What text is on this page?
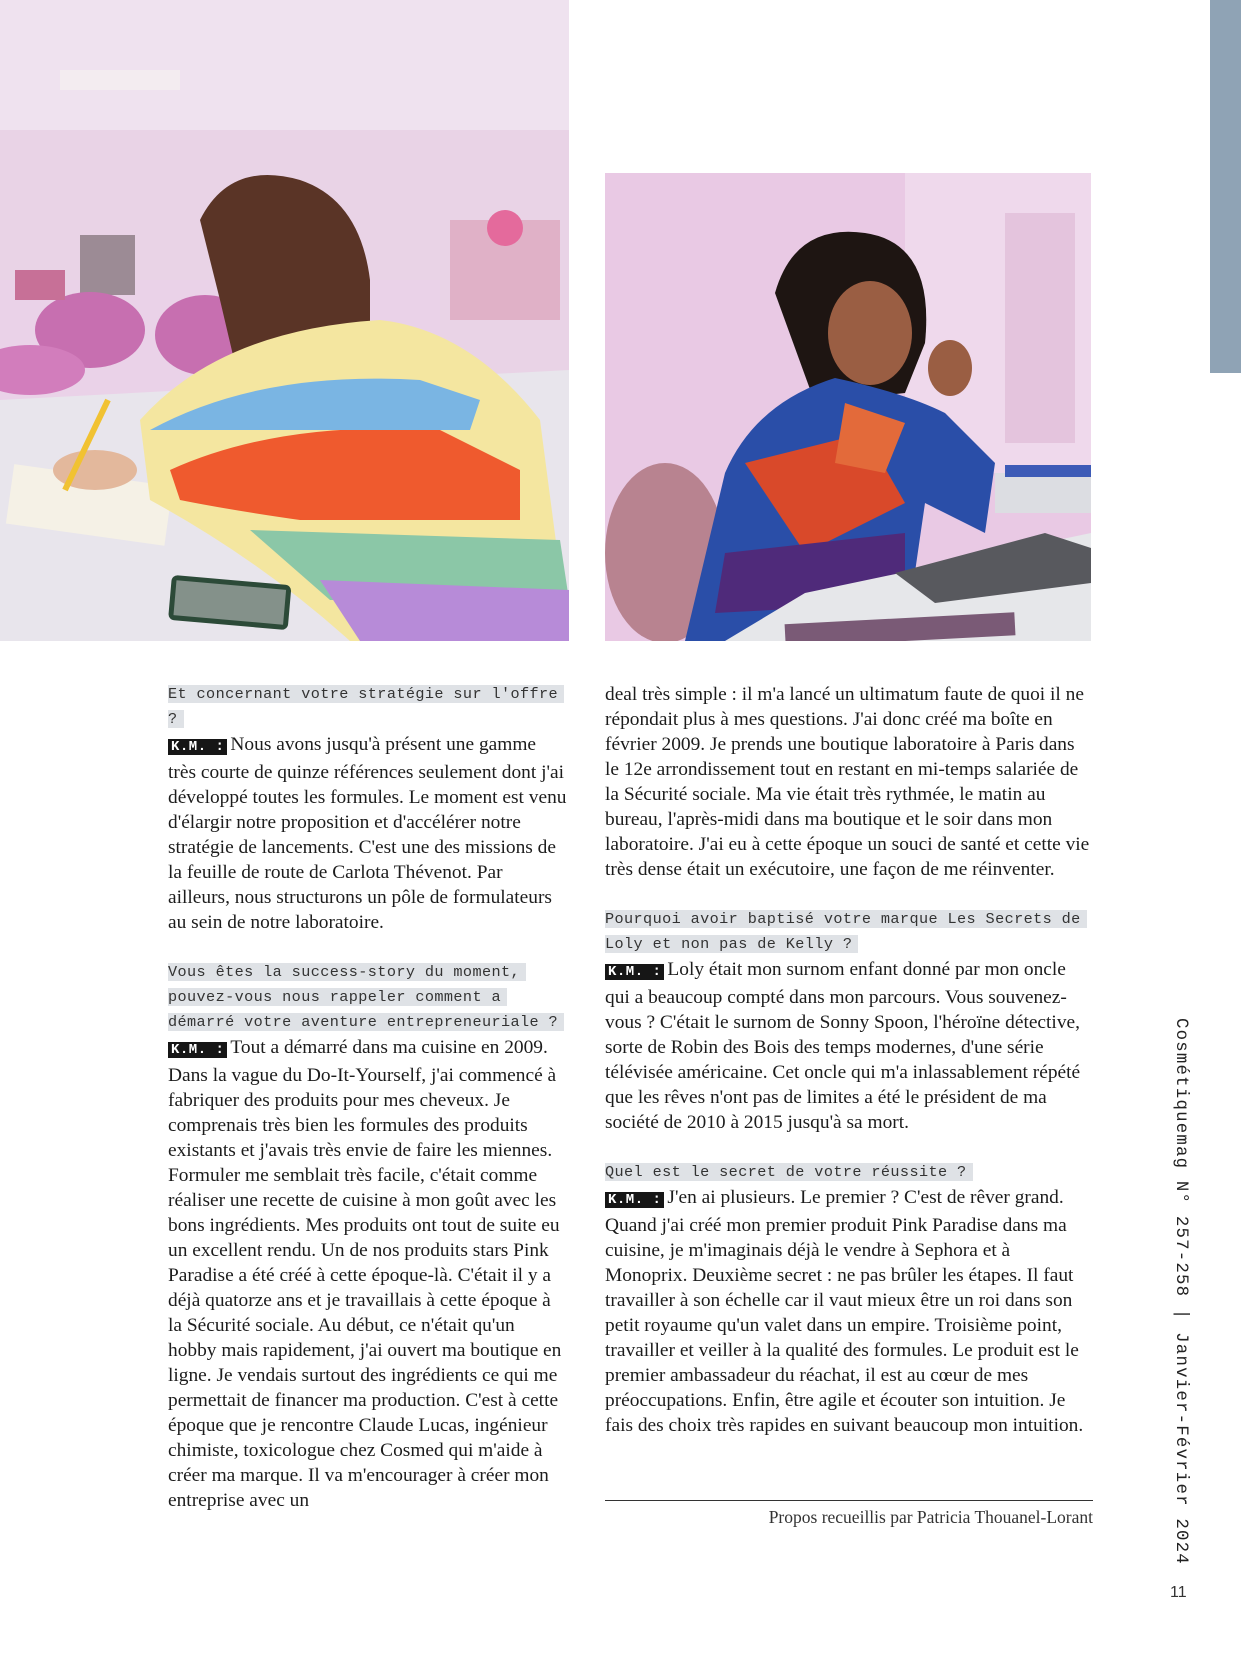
Et concernant votre stratégie sur l'offre ?

K.M. : Nous avons jusqu'à présent une gamme très courte de quinze références seulement dont j'ai développé toutes les formules. Le moment est venu d'élargir notre proposition et d'accélérer notre stratégie de lancements. C'est une des missions de la feuille de route de Carlota Thévenot. Par ailleurs, nous structurons un pôle de formulateurs au sein de notre laboratoire.

Vous êtes la success-story du moment, pouvez-vous nous rappeler comment a démarré votre aventure entrepreneuriale ?

K.M. : Tout a démarré dans ma cuisine en 2009. Dans la vague du Do-It-Yourself, j'ai commencé à fabriquer des produits pour mes cheveux. Je comprenais très bien les formules des produits existants et j'avais très envie de faire les miennes. Formuler me semblait très facile, c'était comme réaliser une recette de cuisine à mon goût avec les bons ingrédients. Mes produits ont tout de suite eu un excellent rendu. Un de nos produits stars Pink Paradise a été créé à cette époque-là. C'était il y a déjà quatorze ans et je travaillais à cette époque à la Sécurité sociale. Au début, ce n'était qu'un hobby mais rapidement, j'ai ouvert ma boutique en ligne. Je vendais surtout des ingrédients ce qui me permettait de financer ma production. C'est à cette époque que je rencontre Claude Lucas, ingénieur chimiste, toxicologue chez Cosmed qui m'aide à créer ma marque. Il va m'encourager à créer mon entreprise avec un

deal très simple : il m'a lancé un ultimatum faute de quoi il ne répondait plus à mes questions. J'ai donc créé ma boîte en février 2009. Je prends une boutique laboratoire à Paris dans le 12e arrondissement tout en restant en mi-temps salariée de la Sécurité sociale. Ma vie était très rythmée, le matin au bureau, l'après-midi dans ma boutique et le soir dans mon laboratoire. J'ai eu à cette époque un souci de santé et cette vie très dense était un exécutoire, une façon de me réinventer.

Pourquoi avoir baptisé votre marque Les Secrets de Loly et non pas de Kelly ?

K.M. : Loly était mon surnom enfant donné par mon oncle qui a beaucoup compté dans mon parcours. Vous souvenez-vous ? C'était le surnom de Sonny Spoon, l'héroïne détective, sorte de Robin des Bois des temps modernes, d'une série télévisée américaine. Cet oncle qui m'a inlassablement répété que les rêves n'ont pas de limites a été le président de ma société de 2010 à 2015 jusqu'à sa mort.

Quel est le secret de votre réussite ?

K.M. : J'en ai plusieurs. Le premier ? C'est de rêver grand. Quand j'ai créé mon premier produit Pink Paradise dans ma cuisine, je m'imaginais déjà le vendre à Sephora et à Monoprix. Deuxième secret : ne pas brûler les étapes. Il faut travailler à son échelle car il vaut mieux être un roi dans son petit royaume qu'un valet dans un empire. Troisième point, travailler et veiller à la qualité des formules. Le produit est le premier ambassadeur du réachat, il est au cœur de mes préoccupations. Enfin, être agile et écouter son intuition. Je fais des choix très rapides en suivant beaucoup mon intuition.

Propos recueillis par Patricia Thouanel-Lorant	Cosmétiquemag N° 257-258 | Janvier-Février 2024
11
